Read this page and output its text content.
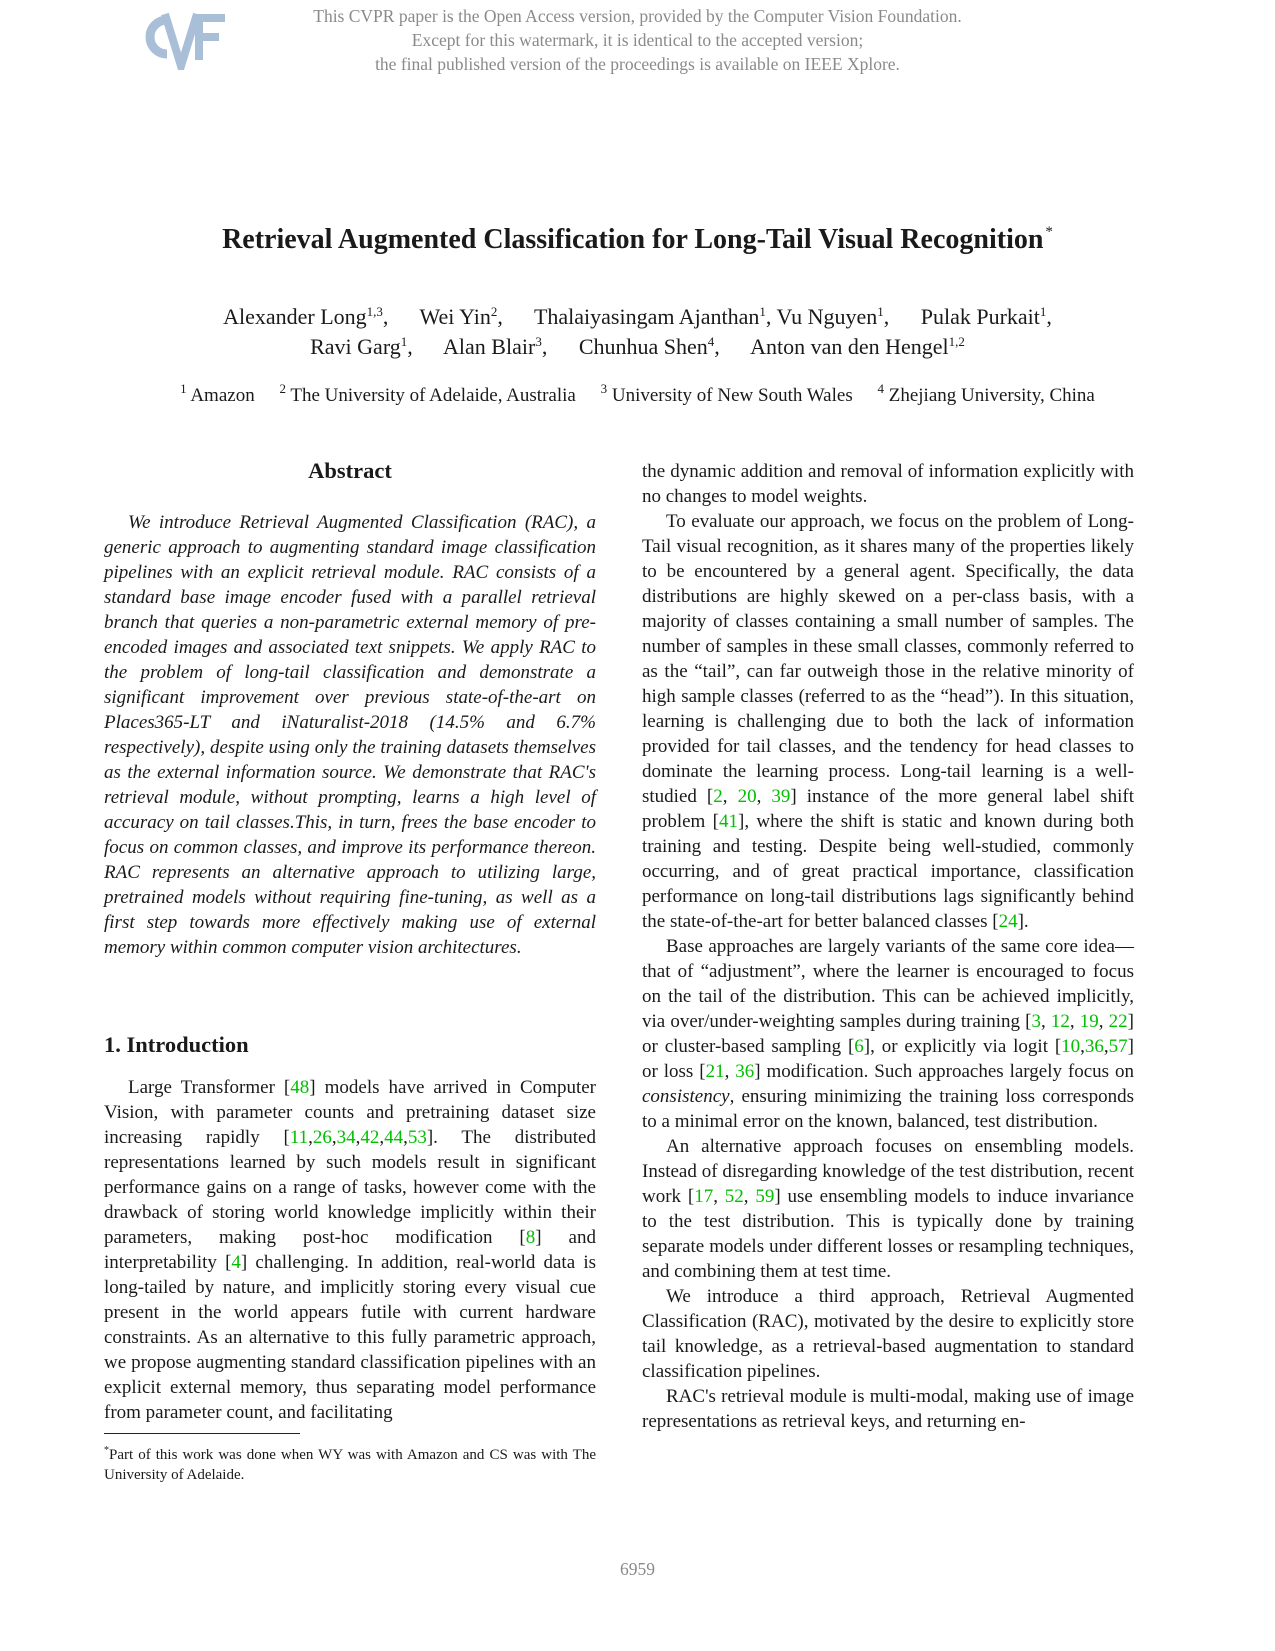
This CVPR paper is the Open Access version, provided by the Computer Vision Foundation.
Except for this watermark, it is identical to the accepted version;
the final published version of the proceedings is available on IEEE Xplore.
Retrieval Augmented Classification for Long-Tail Visual Recognition *
Alexander Long$^{1,3}$, Wei Yin$^2$, Thalaiyasingam Ajanthan$^1$, Vu Nguyen$^1$, Pulak Purkait$^1$,
Ravi Garg$^1$, Alan Blair$^3$, Chunhua Shen$^4$, Anton van den Hengel$^{1,2}$
$^1$ Amazon $^2$ The University of Adelaide, Australia $^3$ University of New South Wales $^4$ Zhejiang University, China
Abstract

We introduce Retrieval Augmented Classification (RAC), a generic approach to augmenting standard image classification pipelines with an explicit retrieval module. RAC consists of a standard base image encoder fused with a parallel retrieval branch that queries a non-parametric external memory of pre-encoded images and associated text snippets. We apply RAC to the problem of long-tail classification and demonstrate a significant improvement over previous state-of-the-art on Places365-LT and iNaturalist-2018 (14.5% and 6.7% respectively), despite using only the training datasets themselves as the external information source. We demonstrate that RAC's retrieval module, without prompting, learns a high level of accuracy on tail classes.This, in turn, frees the base encoder to focus on common classes, and improve its performance thereon. RAC represents an alternative approach to utilizing large, pretrained models without requiring fine-tuning, as well as a first step towards more effectively making use of external memory within common computer vision architectures.

1. Introduction

Large Transformer [48] models have arrived in Computer Vision, with parameter counts and pretraining dataset size increasing rapidly [11,26,34,42,44,53]. The distributed representations learned by such models result in significant performance gains on a range of tasks, however come with the drawback of storing world knowledge implicitly within their parameters, making post-hoc modification [8] and interpretability [4] challenging. In addition, real-world data is long-tailed by nature, and implicitly storing every visual cue present in the world appears futile with current hardware constraints. As an alternative to this fully parametric approach, we propose augmenting standard classification pipelines with an explicit external memory, thus separating model performance from parameter count, and facilitating

*Part of this work was done when WY was with Amazon and CS was with The University of Adelaide.

the dynamic addition and removal of information explicitly with no changes to model weights.

To evaluate our approach, we focus on the problem of Long-Tail visual recognition, as it shares many of the properties likely to be encountered by a general agent. Specifically, the data distributions are highly skewed on a per-class basis, with a majority of classes containing a small number of samples. The number of samples in these small classes, commonly referred to as the “tail”, can far outweigh those in the relative minority of high sample classes (referred to as the “head”). In this situation, learning is challenging due to both the lack of information provided for tail classes, and the tendency for head classes to dominate the learning process. Long-tail learning is a well-studied [2, 20, 39] instance of the more general label shift problem [41], where the shift is static and known during both training and testing. Despite being well-studied, commonly occurring, and of great practical importance, classification performance on long-tail distributions lags significantly behind the state-of-the-art for better balanced classes [24].

Base approaches are largely variants of the same core idea—that of “adjustment”, where the learner is encouraged to focus on the tail of the distribution. This can be achieved implicitly, via over/under-weighting samples during training [3, 12, 19, 22] or cluster-based sampling [6], or explicitly via logit [10,36,57] or loss [21, 36] modification. Such approaches largely focus on consistency, ensuring minimizing the training loss corresponds to a minimal error on the known, balanced, test distribution.

An alternative approach focuses on ensembling models. Instead of disregarding knowledge of the test distribution, recent work [17, 52, 59] use ensembling models to induce invariance to the test distribution. This is typically done by training separate models under different losses or resampling techniques, and combining them at test time.

We introduce a third approach, Retrieval Augmented Classification (RAC), motivated by the desire to explicitly store tail knowledge, as a retrieval-based augmentation to standard classification pipelines.

RAC's retrieval module is multi-modal, making use of image representations as retrieval keys, and returning en-

6959
